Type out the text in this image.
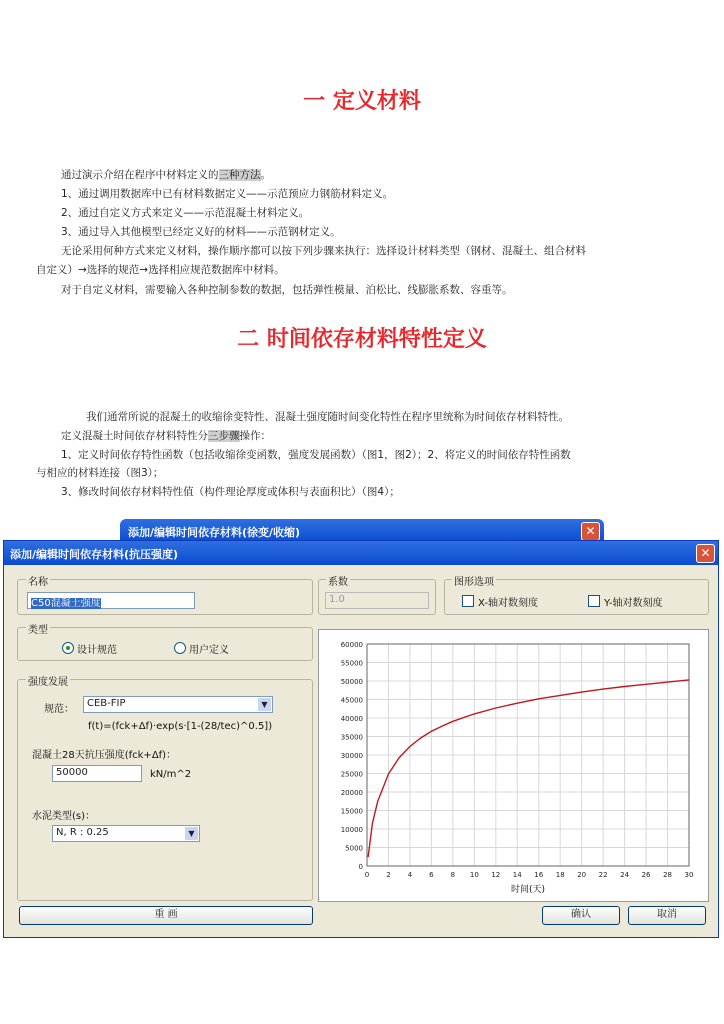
一 定义材料
通过演示介绍在程序中材料定义的三种方法。
1、通过调用数据库中已有材料数据定义——示范预应力钢筋材料定义。
2、通过自定义方式来定义——示范混凝土材料定义。
3、通过导入其他模型已经定义好的材料——示范钢材定义。
无论采用何种方式来定义材料，操作顺序都可以按下列步骤来执行：选择设计材料类型（钢材、混凝土、组合材料
自定义）→选择的规范→选择相应规范数据库中材料。
对于自定义材料，需要输入各种控制参数的数据，包括弹性模量、泊松比、线膨胀系数、容重等。
二 时间依存材料特性定义
我们通常所说的混凝土的收缩徐变特性、混凝土强度随时间变化特性在程序里统称为时间依存材料特性。
定义混凝土时间依存材料特性分三步骤操作：
1、定义时间依存特性函数（包括收缩徐变函数，强度发展函数）（图1，图2）；2、将定义的时间依存特性函数
与相应的材料连接（图3）；
3、修改时间依存材料特性值（构件理论厚度或体积与表面积比）（图4）；
添加/编辑时间依存材料(徐变/收缩)	✕
添加/编辑时间依存材料(抗压强度)	✕
名称
C50混凝土强度
系数
1.0
图形选项
X-轴对数刻度	Y-轴对数刻度
类型
设计规范	用户定义
强度发展
规范：
CEB-FIP	▼
f(t)=(fck+Δf)·exp(s·[1-(28/tec)^0.5])
混凝土28天抗压强度(fck+Δf)：
50000	kN/m^2
水泥类型(s)：
N, R : 0.25	▼
重 画
0
5000
10000
15000
20000
25000
30000
35000
40000
45000
50000
55000
60000
0 2 4 6 8 10 12 14 16 18 20 22 24 26 28 30
时间(天)
确认	取消
